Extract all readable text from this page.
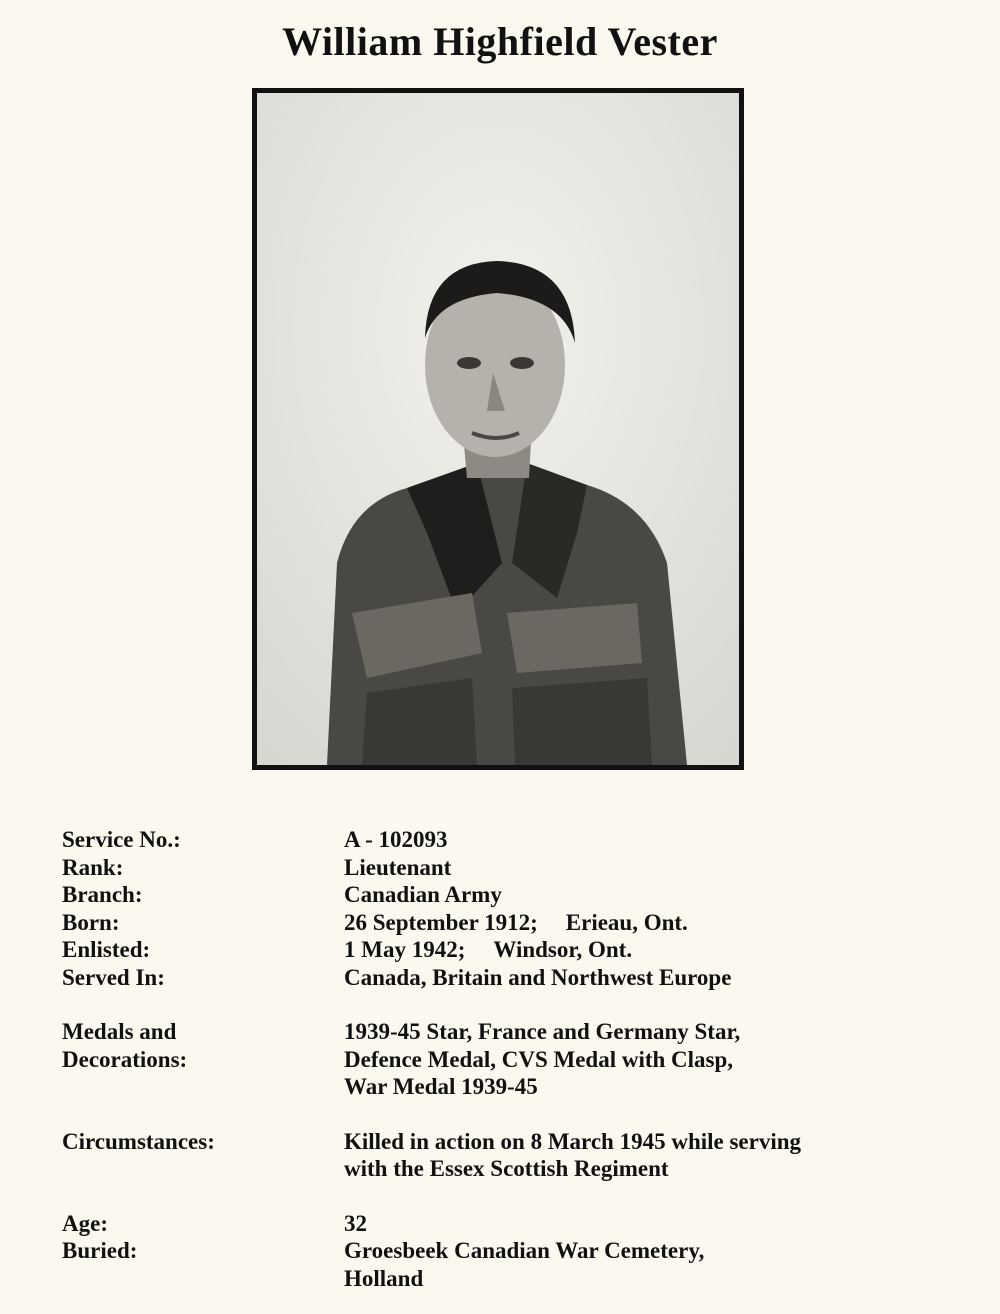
William Highfield Vester
Service No.:	A - 102093
Rank:	Lieutenant
Branch:	Canadian Army
Born:	26 September 1912; Erieau, Ont.
Enlisted:	1 May 1942; Windsor, Ont.
Served In:	Canada, Britain and Northwest Europe
Medals and
Decorations:
1939-45 Star, France and Germany Star,
Defence Medal, CVS Medal with Clasp,
War Medal 1939-45
Circumstances:	Killed in action on 8 March 1945 while serving
with the Essex Scottish Regiment
Age:	32
Buried:	Groesbeek Canadian War Cemetery,
Holland
